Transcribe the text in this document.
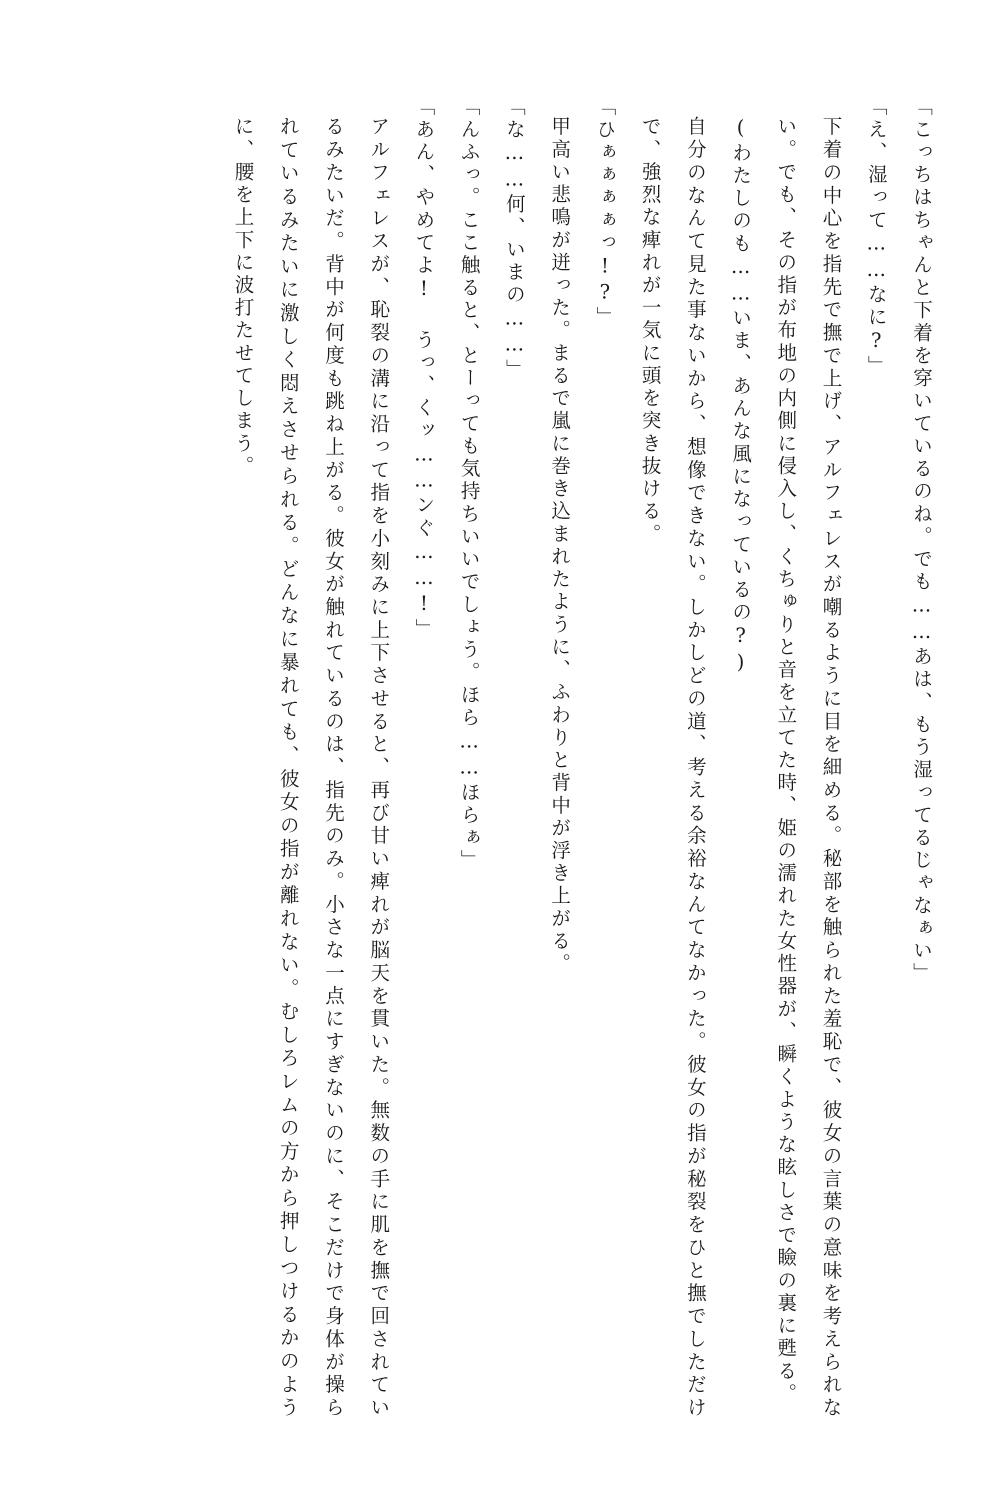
「こっちはちゃんと下着を穿いているのね。でも……あは、もう湿ってるじゃなぁい」

「え、湿って……なに?」

下着の中心を指先で撫で上げ、アルフェレスが嘲るように目を細める。秘部を触られた羞恥で、彼女の言葉の意味を考えられない。でも、その指が布地の内側に侵入し、くちゅりと音を立てた時、姫の濡れた女性器が、瞬くような眩しさで瞼の裏に甦る。

(わたしのも……いま、あんな風になっているの?)

自分のなんて見た事ないから、想像できない。しかしどの道、考える余裕なんてなかった。彼女の指が秘裂をひと撫でしただけで、強烈な痺れが一気に頭を突き抜ける。

「ひぁぁぁぁっ!?」

甲高い悲鳴が迸った。まるで嵐に巻き込まれたように、ふわりと背中が浮き上がる。

「な……何、いまの……」

「んふっ。ここ触ると、とーっても気持ちいいでしょう。ほら……ほらぁ」

「あん、やめてよ! うっ、くッ……ンぐ……!」

アルフェレスが、恥裂の溝に沿って指を小刻みに上下させると、再び甘い痺れが脳天を貫いた。無数の手に肌を撫で回されているみたいだ。背中が何度も跳ね上がる。彼女が触れているのは、指先のみ。小さな一点にすぎないのに、そこだけで身体が操られているみたいに激しく悶えさせられる。どんなに暴れても、彼女の指が離れない。むしろレムの方から押しつけるかのように、腰を上下に波打たせてしまう。
